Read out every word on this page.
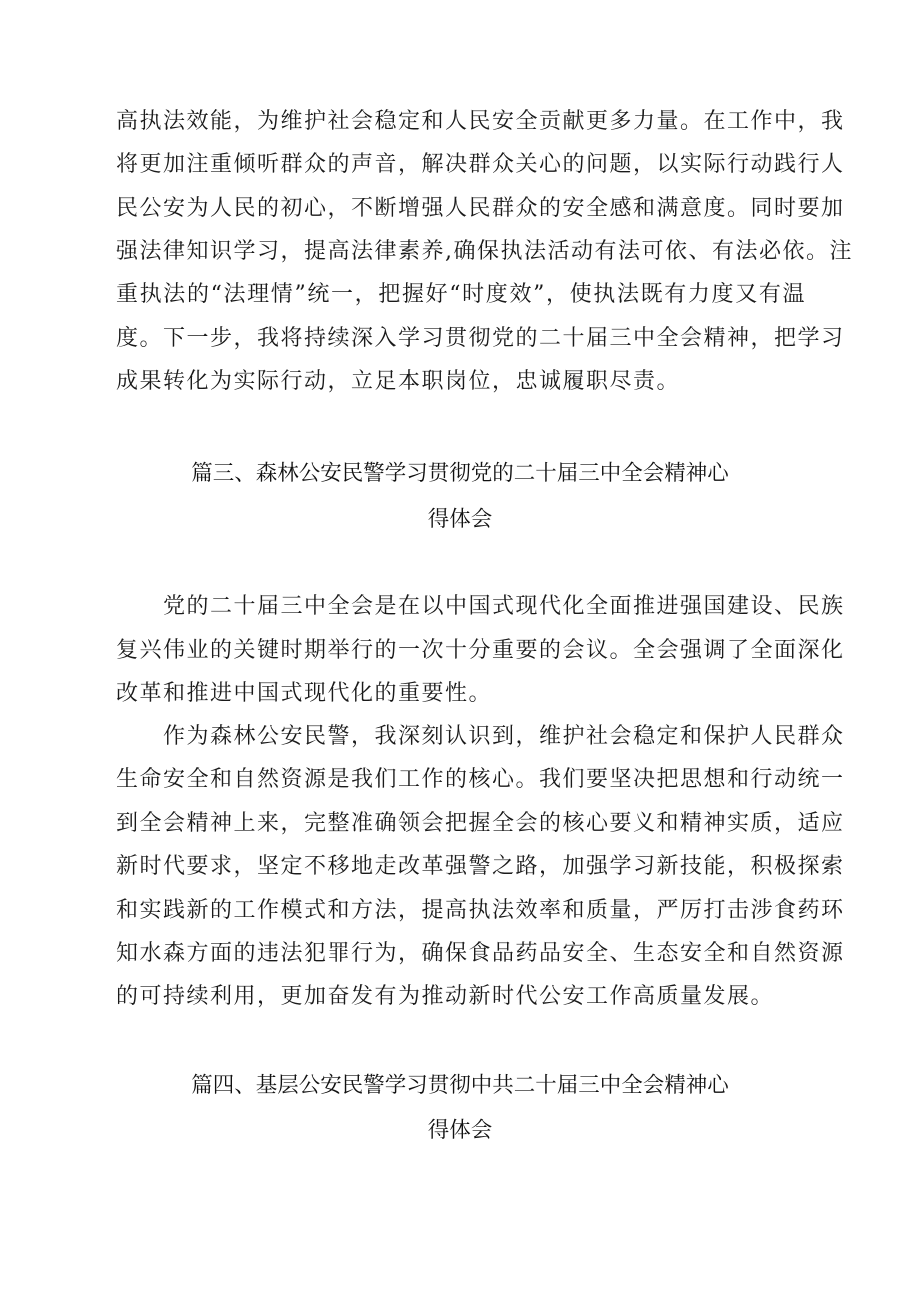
高执法效能，为维护社会稳定和人民安全贡献更多力量。在工作中，我
将更加注重倾听群众的声音，解决群众关心的问题，以实际行动践行人
民公安为人民的初心，不断增强人民群众的安全感和满意度。同时要加
强法律知识学习，提高法律素养,确保执法活动有法可依、有法必依。注
重执法的“法理情”统一，把握好“时度效”，使执法既有力度又有温
度。下一步，我将持续深入学习贯彻党的二十届三中全会精神，把学习
成果转化为实际行动，立足本职岗位，忠诚履职尽责。
篇三、森林公安民警学习贯彻党的二十届三中全会精神心
得体会
党的二十届三中全会是在以中国式现代化全面推进强国建设、民族
复兴伟业的关键时期举行的一次十分重要的会议。全会强调了全面深化
改革和推进中国式现代化的重要性。
作为森林公安民警，我深刻认识到，维护社会稳定和保护人民群众
生命安全和自然资源是我们工作的核心。我们要坚决把思想和行动统一
到全会精神上来，完整准确领会把握全会的核心要义和精神实质，适应
新时代要求，坚定不移地走改革强警之路，加强学习新技能，积极探索
和实践新的工作模式和方法，提高执法效率和质量，严厉打击涉食药环
知水森方面的违法犯罪行为，确保食品药品安全、生态安全和自然资源
的可持续利用，更加奋发有为推动新时代公安工作高质量发展。
篇四、基层公安民警学习贯彻中共二十届三中全会精神心
得体会
